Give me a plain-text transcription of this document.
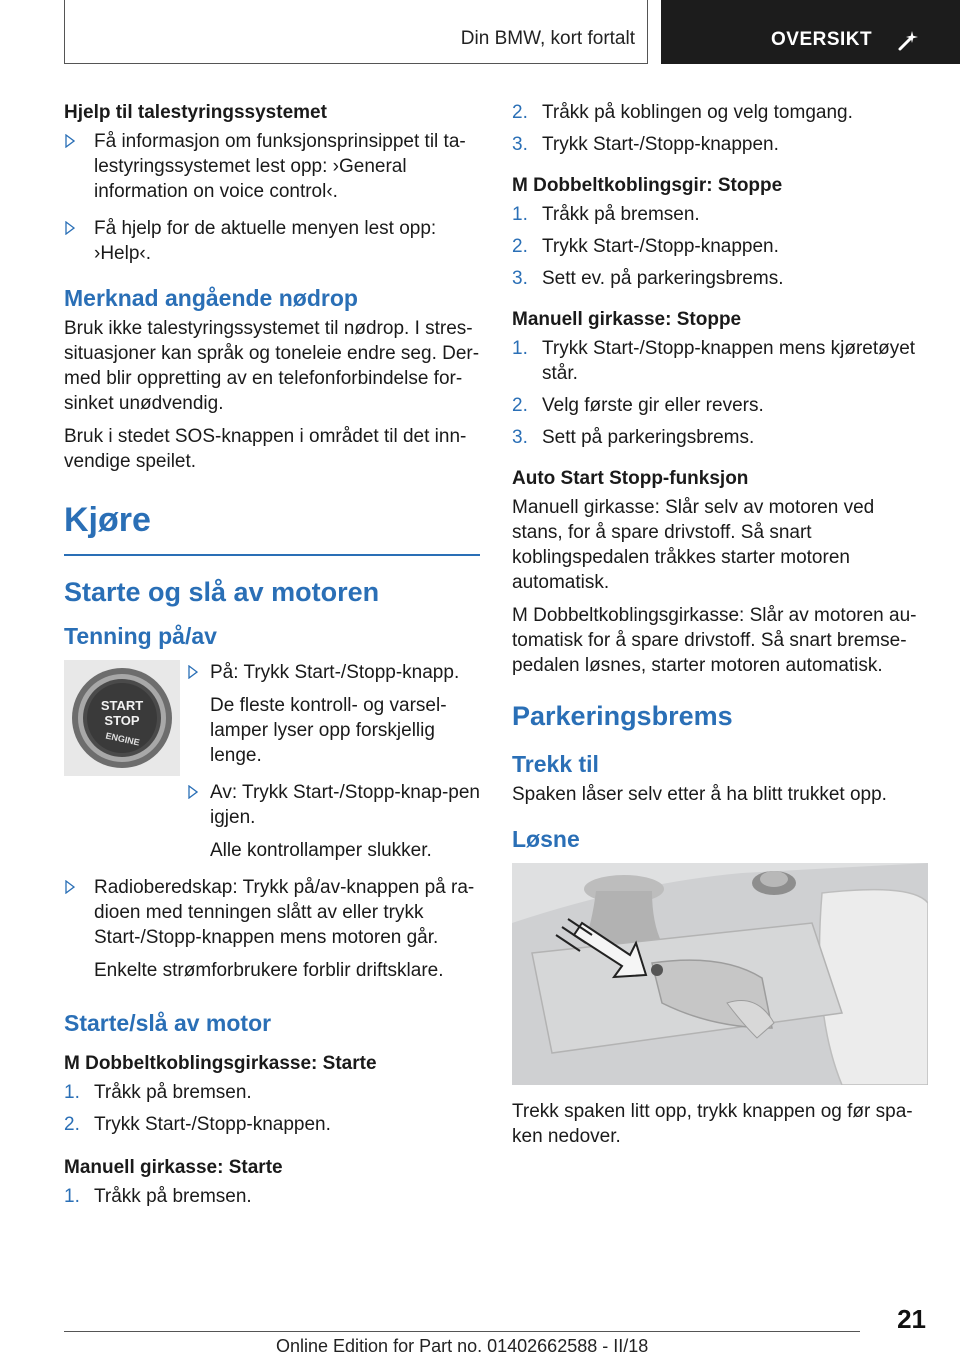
Din BMW, kort fortalt	OVERSIKT
Hjelp til talestyringssystemet
Få informasjon om funksjonsprinsippet til ta-lestyringssystemet lest opp: ›General information on voice control‹.
Få hjelp for de aktuelle menyen lest opp: ›Help‹.
Merknad angående nødrop

Bruk ikke talestyringssystemet til nødrop. I stres-situasjoner kan språk og toneleie endre seg. Der-med blir oppretting av en telefonforbindelse for-sinket unødvendig.

Bruk i stedet SOS-knappen i området til det inn-vendige speilet.

Kjøre
Starte og slå av motoren
Tenning på/av
START
STOP
ENGINE
På: Trykk Start-/Stopp-knapp.
De fleste kontroll- og varsel-lamper lyser opp forskjellig lenge.
Av: Trykk Start-/Stopp-knap-pen igjen.
Alle kontrollamper slukker.
Radioberedskap: Trykk på/av-knappen på ra-dioen med tenningen slått av eller trykk Start-/Stopp-knappen mens motoren går.
Enkelte strømforbrukere forblir driftsklare.
Starte/slå av motor
M Dobbeltkoblingsgirkasse: Starte
1. Tråkk på bremsen.
2. Trykk Start-/Stopp-knappen.
Manuell girkasse: Starte
1. Tråkk på bremsen.
2. Tråkk på koblingen og velg tomgang.
3. Trykk Start-/Stopp-knappen.
M Dobbeltkoblingsgir: Stoppe
1. Tråkk på bremsen.
2. Trykk Start-/Stopp-knappen.
3. Sett ev. på parkeringsbrems.
Manuell girkasse: Stoppe
1. Trykk Start-/Stopp-knappen mens kjøretøyet står.
2. Velg første gir eller revers.
3. Sett på parkeringsbrems.
Auto Start Stopp-funksjon

Manuell girkasse: Slår selv av motoren ved stans, for å spare drivstoff. Så snart koblingspedalen tråkkes starter motoren automatisk.

M Dobbeltkoblingsgirkasse: Slår av motoren au-tomatisk for å spare drivstoff. Så snart bremse-pedalen løsnes, starter motoren automatisk.

Parkeringsbrems
Trekk til

Spaken låser selv etter å ha blitt trukket opp.

Løsne

Trekk spaken litt opp, trykk knappen og før spa-ken nedover.

21
Online Edition for Part no. 01402662588 - II/18
